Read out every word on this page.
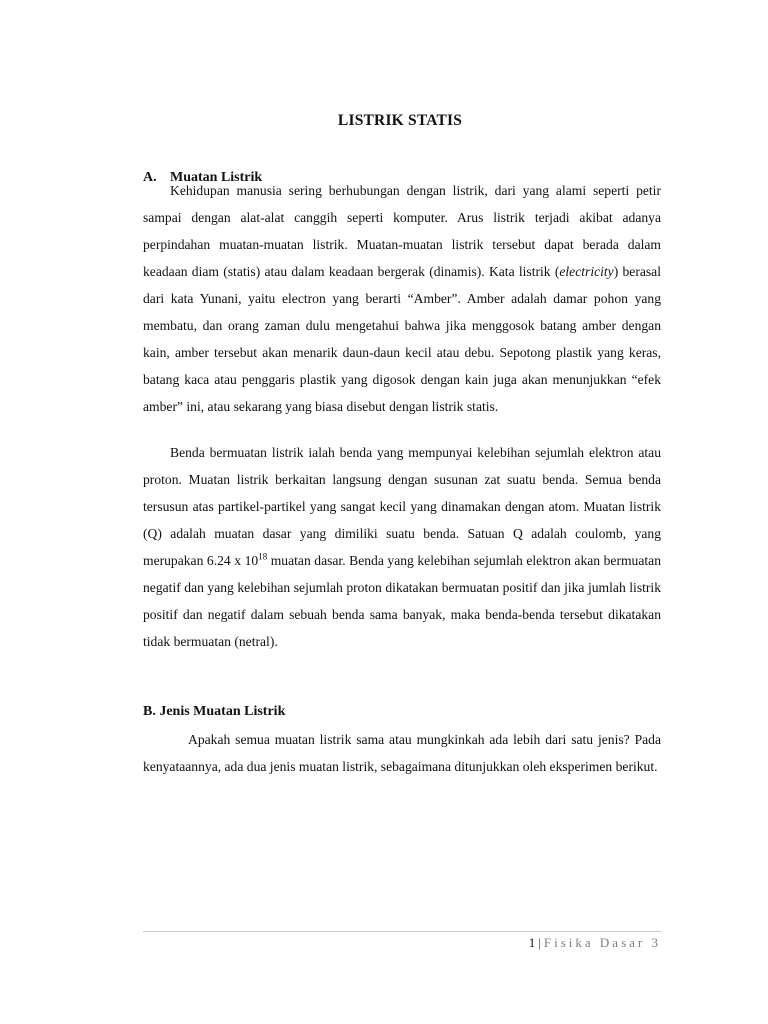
LISTRIK STATIS
A. Muatan Listrik

Kehidupan manusia sering berhubungan dengan listrik, dari yang alami seperti petir sampai dengan alat-alat canggih seperti komputer. Arus listrik terjadi akibat adanya perpindahan muatan-muatan listrik. Muatan-muatan listrik tersebut dapat berada dalam keadaan diam (statis) atau dalam keadaan bergerak (dinamis). Kata listrik (electricity) berasal dari kata Yunani, yaitu electron yang berarti “Amber”. Amber adalah damar pohon yang membatu, dan orang zaman dulu mengetahui bahwa jika menggosok batang amber dengan kain, amber tersebut akan menarik daun-daun kecil atau debu. Sepotong plastik yang keras, batang kaca atau penggaris plastik yang digosok dengan kain juga akan menunjukkan “efek amber” ini, atau sekarang yang biasa disebut dengan listrik statis.

Benda bermuatan listrik ialah benda yang mempunyai kelebihan sejumlah elektron atau proton. Muatan listrik berkaitan langsung dengan susunan zat suatu benda. Semua benda tersusun atas partikel-partikel yang sangat kecil yang dinamakan dengan atom. Muatan listrik (Q) adalah muatan dasar yang dimiliki suatu benda. Satuan Q adalah coulomb, yang merupakan 6.24 x $10^{18}$ muatan dasar. Benda yang kelebihan sejumlah elektron akan bermuatan negatif dan yang kelebihan sejumlah proton dikatakan bermuatan positif dan jika jumlah listrik positif dan negatif dalam sebuah benda sama banyak, maka benda-benda tersebut dikatakan tidak bermuatan (netral).

B. Jenis Muatan Listrik

Apakah semua muatan listrik sama atau mungkinkah ada lebih dari satu jenis? Pada kenyataannya, ada dua jenis muatan listrik, sebagaimana ditunjukkan oleh eksperimen berikut.

1 | Fisika Dasar 3
